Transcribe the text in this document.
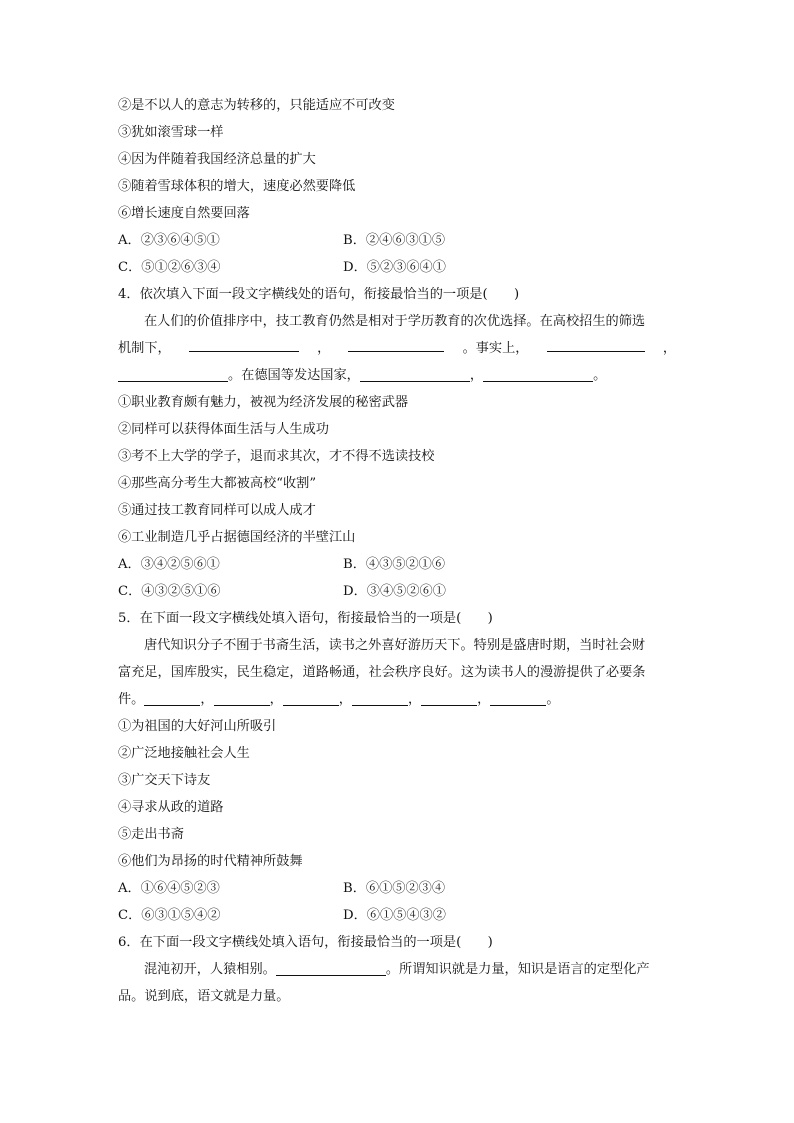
②是不以人的意志为转移的，只能适应不可改变
③犹如滚雪球一样
④因为伴随着我国经济总量的扩大
⑤随着雪球体积的增大，速度必然要降低
⑥增长速度自然要回落
A．②③⑥④⑤①	B．②④⑥③①⑤
C．⑤①②⑥③④	D．⑤②③⑥④①
4．依次填入下面一段文字横线处的语句，衔接最恰当的一项是(　　)
在人们的价值排序中，技工教育仍然是相对于学历教育的次优选择。在高校招生的筛选
机制下，	，	。事实上，	，
。在德国等发达国家，	，	。
①职业教育颇有魅力，被视为经济发展的秘密武器
②同样可以获得体面生活与人生成功
③考不上大学的学子，退而求其次，才不得不选读技校
④那些高分考生大都被高校“收割”
⑤通过技工教育同样可以成人成才
⑥工业制造几乎占据德国经济的半壁江山
A．③④②⑤⑥①	B．④③⑤②①⑥
C．④③②⑤①⑥	D．③④⑤②⑥①
5．在下面一段文字横线处填入语句，衔接最恰当的一项是(　　)
唐代知识分子不囿于书斋生活，读书之外喜好游历天下。特别是盛唐时期，当时社会财
富充足，国库殷实，民生稳定，道路畅通，社会秩序良好。这为读书人的漫游提供了必要条
件。	，	，	，	，	，	。
①为祖国的大好河山所吸引
②广泛地接触社会人生
③广交天下诗友
④寻求从政的道路
⑤走出书斋
⑥他们为昂扬的时代精神所鼓舞
A．①⑥④⑤②③	B．⑥①⑤②③④
C．⑥③①⑤④②	D．⑥①⑤④③②
6．在下面一段文字横线处填入语句，衔接最恰当的一项是(　　)
混沌初开，人猿相别。	。所谓知识就是力量，知识是语言的定型化产
品。说到底，语文就是力量。
